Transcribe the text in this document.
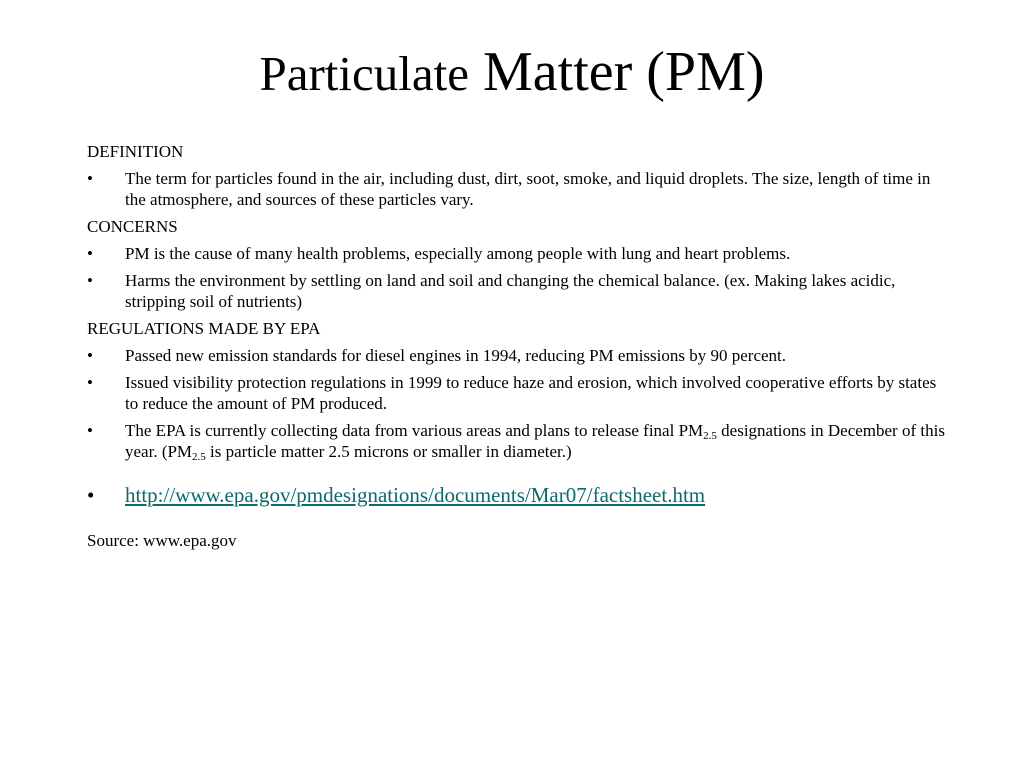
Particulate Matter (PM)
DEFINITION
• The term for particles found in the air, including dust, dirt, soot, smoke, and liquid droplets. The size, length of time in the atmosphere, and sources of these particles vary.
CONCERNS
• PM is the cause of many health problems, especially among people with lung and heart problems.
• Harms the environment by settling on land and soil and changing the chemical balance. (ex. Making lakes acidic, stripping soil of nutrients)
REGULATIONS MADE BY EPA
• Passed new emission standards for diesel engines in 1994, reducing PM emissions by 90 percent.
• Issued visibility protection regulations in 1999 to reduce haze and erosion, which involved cooperative efforts by states to reduce the amount of PM produced.
• The EPA is currently collecting data from various areas and plans to release final $PM_{2.5}$ designations in December of this year. ($PM_{2.5}$ is particle matter 2.5 microns or smaller in diameter.)
• http://www.epa.gov/pmdesignations/documents/Mar07/factsheet.htm
Source: www.epa.gov
